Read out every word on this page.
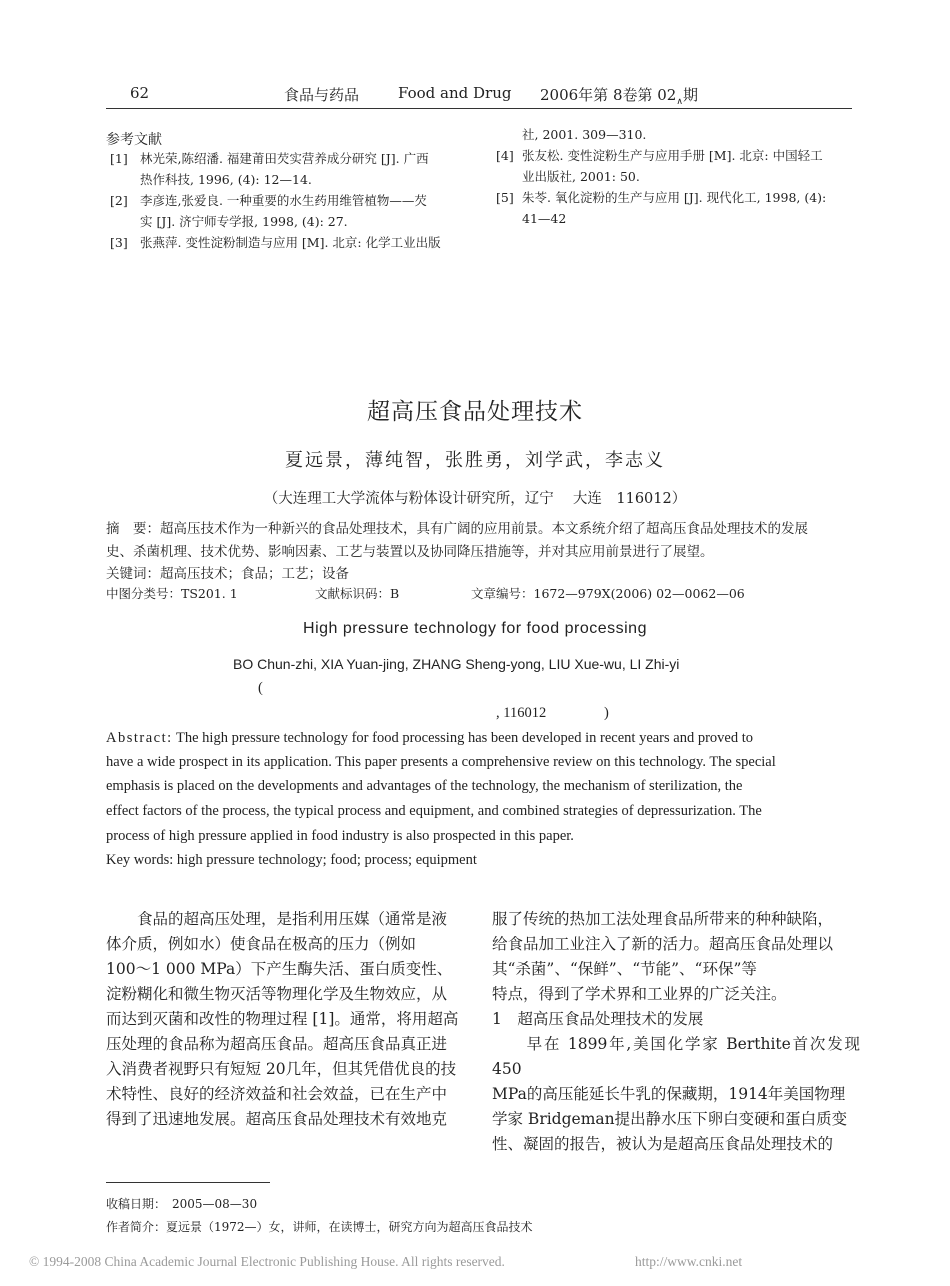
62	食品与药品	Food and Drug 2006年第 8卷第 $02_\wedge$期
参考文献
[1] 林光荣,陈绍潘. 福建莆田芡实营养成分研究 [J]. 广西
热作科技, 1996, (4): 12—14.
[2] 李彦连,张爱良. 一种重要的水生药用维管植物——芡
实 [J]. 济宁师专学报, 1998, (4): 27.
[3] 张燕萍. 变性淀粉制造与应用 [M]. 北京: 化学工业出版
社, 2001. 309—310.
[4] 张友松. 变性淀粉生产与应用手册 [M]. 北京: 中国轻工
业出版社, 2001: 50.
[5] 朱苓. 氧化淀粉的生产与应用 [J]. 现代化工, 1998, (4):
41—42
超高压食品处理技术
夏远景，薄纯智，张胜勇，刘学武，李志义
（大连理工大学流体与粉体设计研究所，辽宁　 大连　116012）
摘　要：超高压技术作为一种新兴的食品处理技术，具有广阔的应用前景。本文系统介绍了超高压食品处理技术的发展
史、杀菌机理、技术优势、影响因素、工艺与装置以及协同降压措施等，并对其应用前景进行了展望。
关键词：超高压技术；食品；工艺；设备
中图分类号：TS201. 1	文献标识码：B	文章编号：1672—979X(2006) 02—0062—06
High pressure technology for food processing
BO Chun-zhi, XIA Yuan-jing, ZHANG Sheng-yong, LIU Xue-wu, LI Zhi-yi
(
, 116012	)
Abstract: The high pressure technology for food processing has been developed in recent years and proved to
have a wide prospect in its application. This paper presents a comprehensive review on this technology. The special
emphasis is placed on the developments and advantages of the technology, the mechanism of sterilization, the
effect factors of the process, the typical process and equipment, and combined strategies of depressurization. The
process of high pressure applied in food industry is also prospected in this paper.
Key words: high pressure technology; food; process; equipment

　　食品的超高压处理，是指利用压媒（通常是液

体介质，例如水）使食品在极高的压力（例如

100～1 000 MPa）下产生酶失活、蛋白质变性、

淀粉糊化和微生物灭活等物理化学及生物效应，从

而达到灭菌和改性的物理过程 [1]。通常，将用超高

压处理的食品称为超高压食品。超高压食品真正进

入消费者视野只有短短 20几年，但其凭借优良的技

术特性、良好的经济效益和社会效益，已在生产中

得到了迅速地发展。超高压食品处理技术有效地克

服了传统的热加工法处理食品所带来的种种缺陷，

给食品加工业注入了新的活力。超高压食品处理以

其“杀菌”、“保鲜”、“节能”、“环保”等

特点，得到了学术界和工业界的广泛关注。

1　超高压食品处理技术的发展

　　早在 1899年,美国化学家 Berthite首次发现 450

MPa的高压能延长牛乳的保藏期，1914年美国物理

学家 Bridgeman提出静水压下卵白变硬和蛋白质变

性、凝固的报告，被认为是超高压食品处理技术的

收稿日期：　2005—08—30
作者简介：夏远景（1972—）女，讲师，在读博士，研究方向为超高压食品技术
© 1994-2008 China Academic Journal Electronic Publishing House. All rights reserved.	http://www.cnki.net
